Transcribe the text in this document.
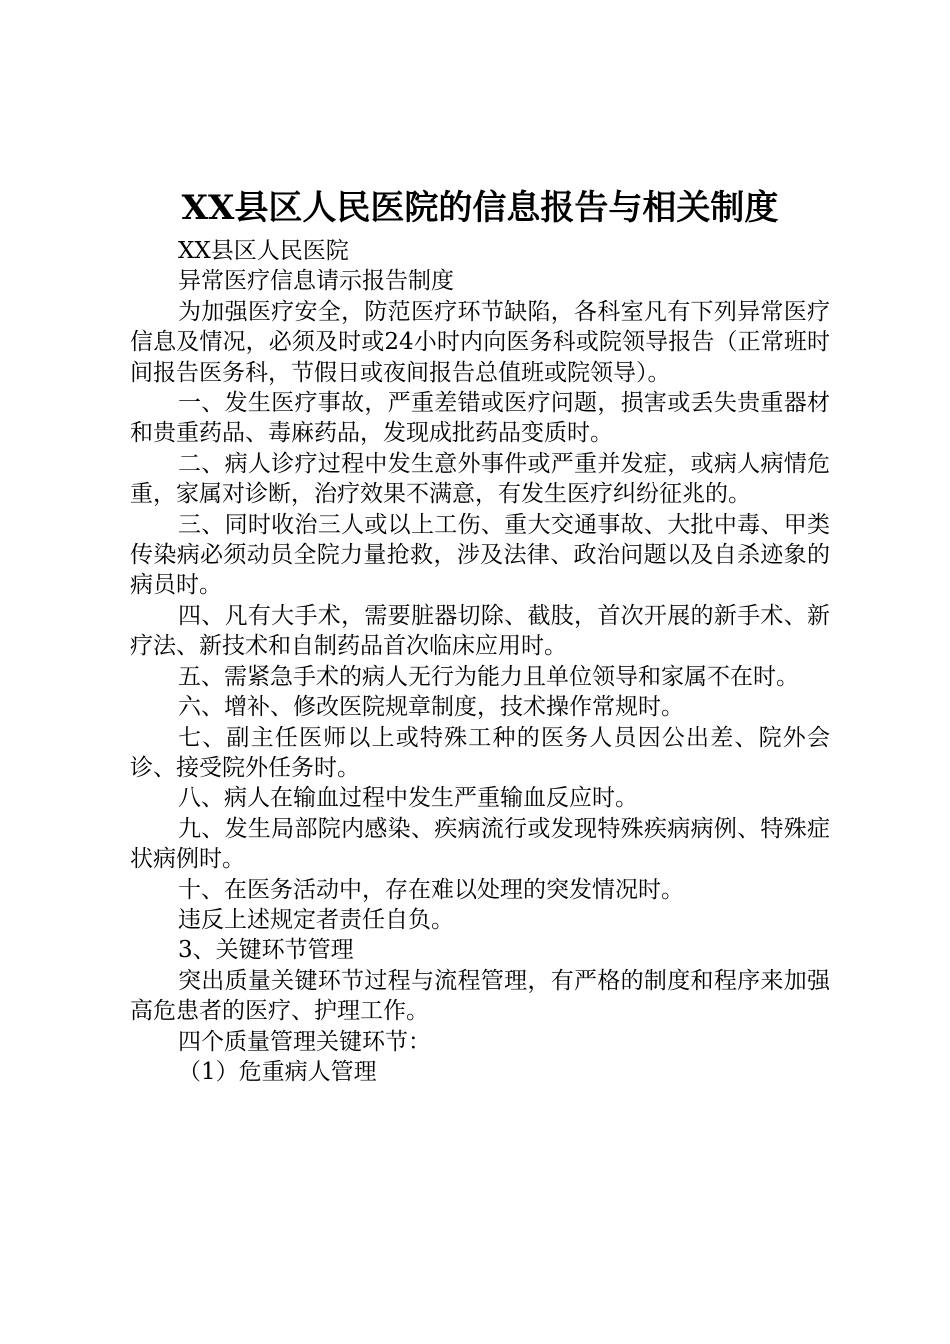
XX县区人民医院的信息报告与相关制度

XX县区人民医院

异常医疗信息请示报告制度

为加强医疗安全，防范医疗环节缺陷，各科室凡有下列异常医疗信息及情况，必须及时或24小时内向医务科或院领导报告（正常班时间报告医务科，节假日或夜间报告总值班或院领导）。

一、发生医疗事故，严重差错或医疗问题，损害或丢失贵重器材和贵重药品、毒麻药品，发现成批药品变质时。

二、病人诊疗过程中发生意外事件或严重并发症，或病人病情危重，家属对诊断，治疗效果不满意，有发生医疗纠纷征兆的。

三、同时收治三人或以上工伤、重大交通事故、大批中毒、甲类传染病必须动员全院力量抢救，涉及法律、政治问题以及自杀迹象的病员时。

四、凡有大手术，需要脏器切除、截肢，首次开展的新手术、新疗法、新技术和自制药品首次临床应用时。

五、需紧急手术的病人无行为能力且单位领导和家属不在时。

六、增补、修改医院规章制度，技术操作常规时。

七、副主任医师以上或特殊工种的医务人员因公出差、院外会诊、接受院外任务时。

八、病人在输血过程中发生严重输血反应时。

九、发生局部院内感染、疾病流行或发现特殊疾病病例、特殊症状病例时。

十、在医务活动中，存在难以处理的突发情况时。

违反上述规定者责任自负。

3、关键环节管理

突出质量关键环节过程与流程管理，有严格的制度和程序来加强高危患者的医疗、护理工作。

四个质量管理关键环节：

（1）危重病人管理
